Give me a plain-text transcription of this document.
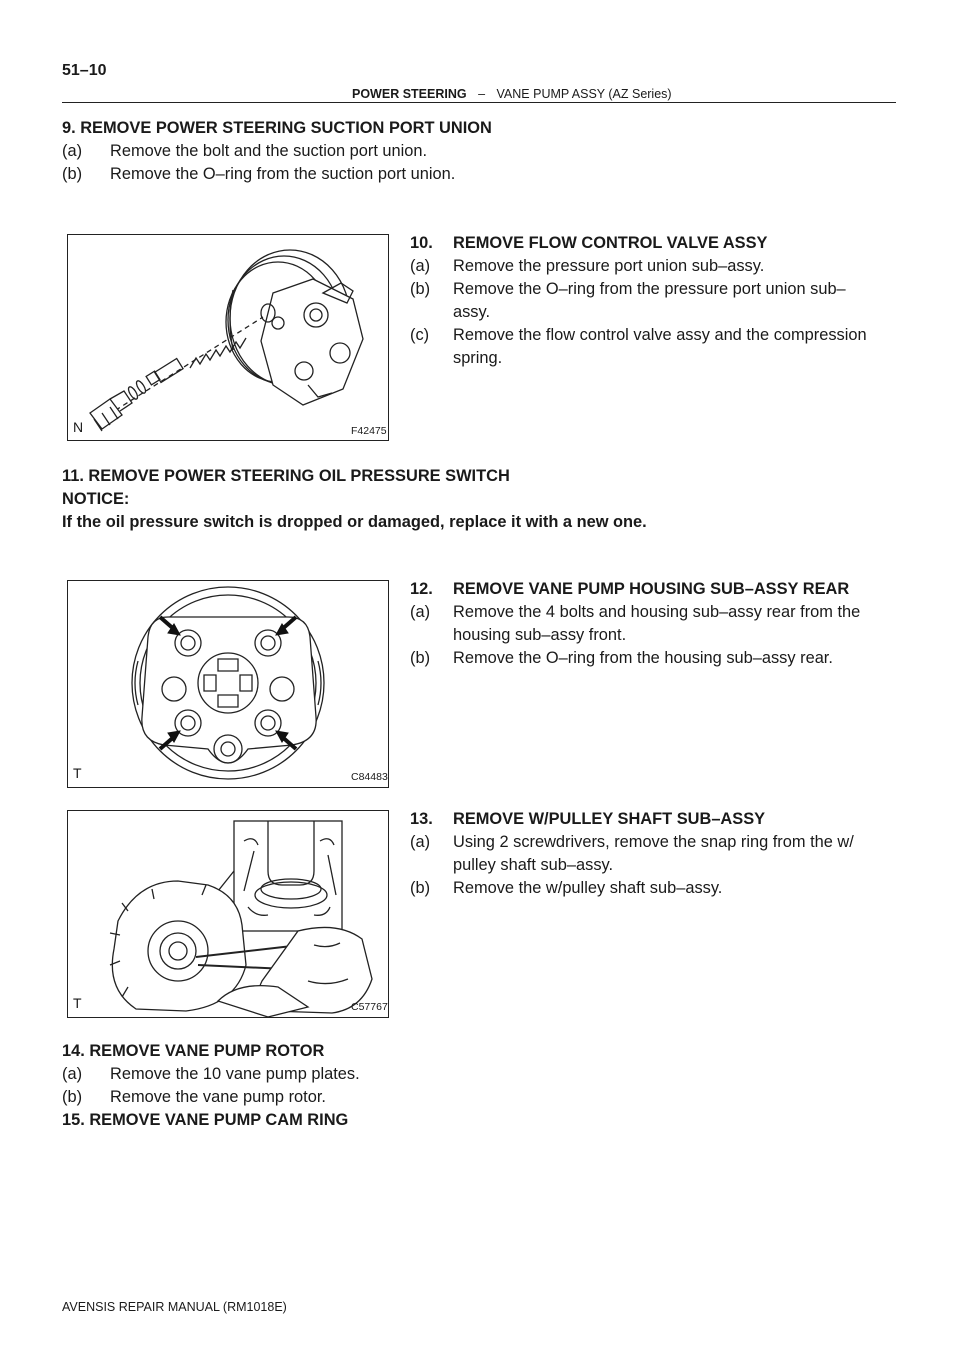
51–10
POWER STEERING – VANE PUMP ASSY (AZ Series)
9. REMOVE POWER STEERING SUCTION PORT UNION
(a) Remove the bolt and the suction port union.
(b) Remove the O–ring from the suction port union.
N	F42475
10. REMOVE FLOW CONTROL VALVE ASSY
(a) Remove the pressure port union sub–assy.
(b) Remove the O–ring from the pressure port union sub–
assy.
(c) Remove the flow control valve assy and the compression
spring.
11. REMOVE POWER STEERING OIL PRESSURE SWITCH
NOTICE:
If the oil pressure switch is dropped or damaged, replace it with a new one.
T	C84483
12. REMOVE VANE PUMP HOUSING SUB–ASSY REAR
(a) Remove the 4 bolts and housing sub–assy rear from the
housing sub–assy front.
(b) Remove the O–ring from the housing sub–assy rear.
T	C57767
13. REMOVE W/PULLEY SHAFT SUB–ASSY
(a) Using 2 screwdrivers, remove the snap ring from the w/
pulley shaft sub–assy.
(b) Remove the w/pulley shaft sub–assy.
14. REMOVE VANE PUMP ROTOR
(a) Remove the 10 vane pump plates.
(b) Remove the vane pump rotor.
15. REMOVE VANE PUMP CAM RING
AVENSIS REPAIR MANUAL (RM1018E)
